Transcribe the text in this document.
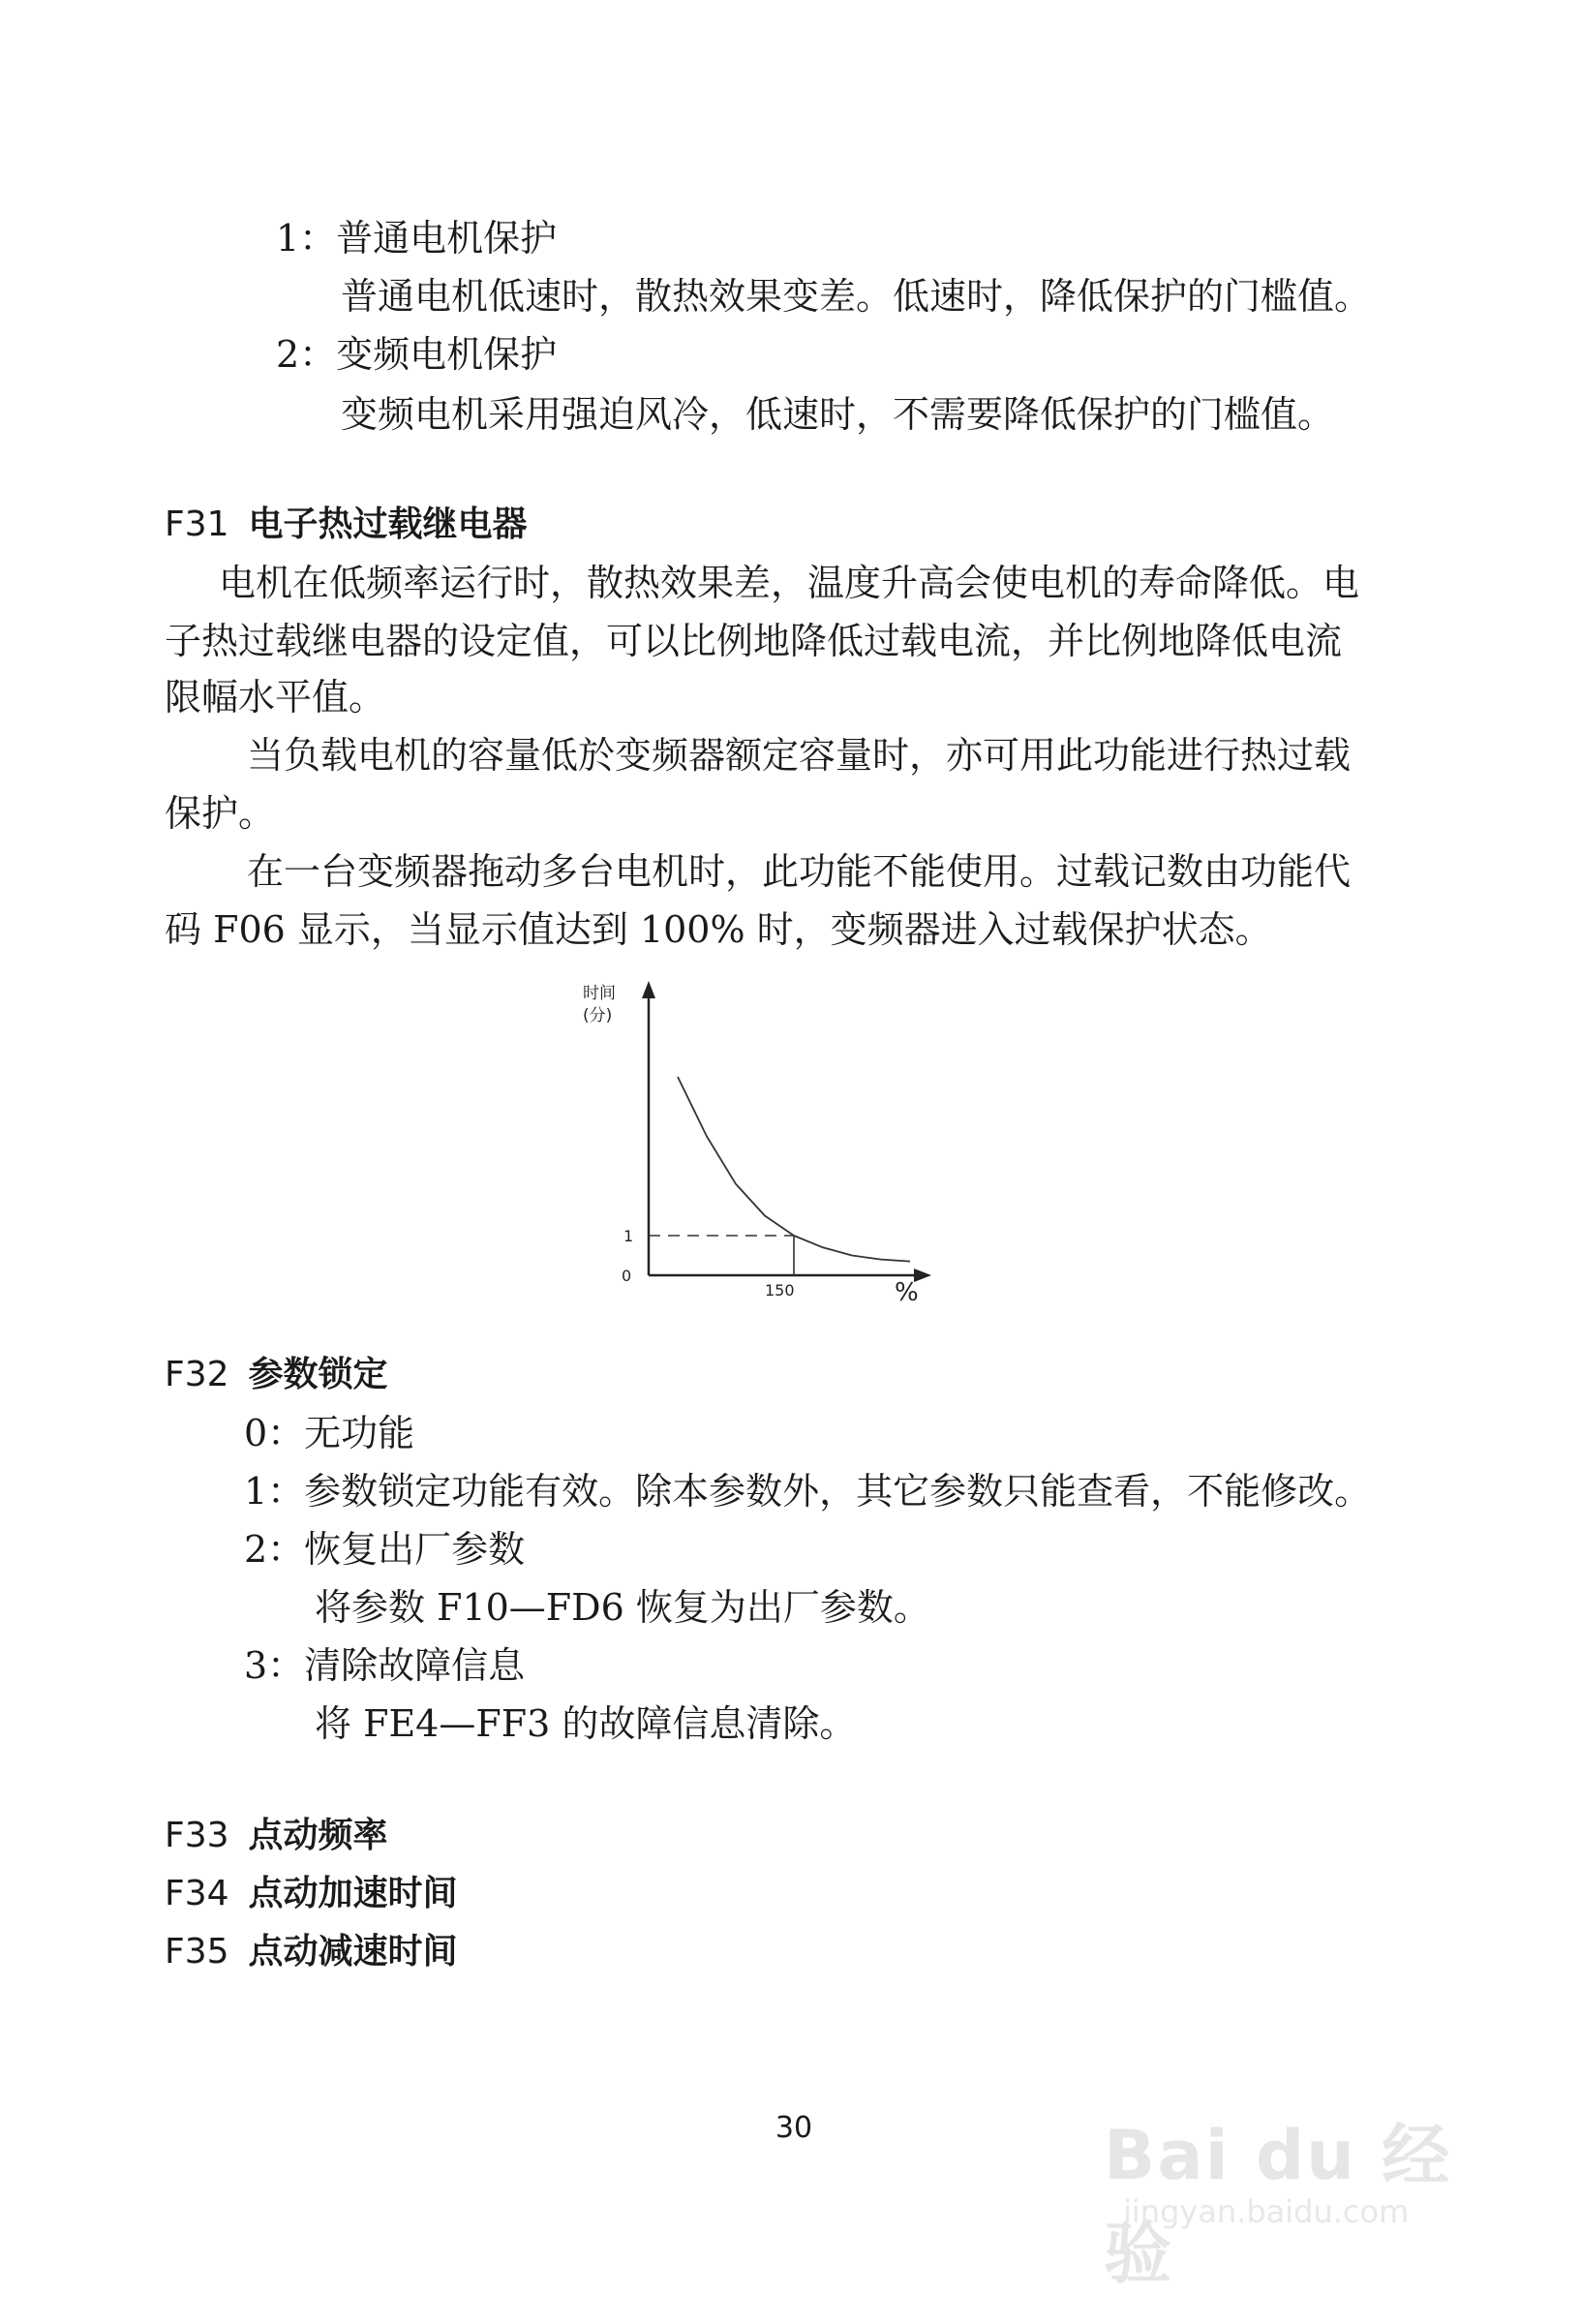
1：普通电机保护
普通电机低速时，散热效果变差。低速时，降低保护的门槛值。
2：变频电机保护
变频电机采用强迫风冷，低速时，不需要降低保护的门槛值。
F31 电子热过载继电器
电机在低频率运行时，散热效果差，温度升高会使电机的寿命降低。电
子热过载继电器的设定值，可以比例地降低过载电流，并比例地降低电流
限幅水平值。
当负载电机的容量低於变频器额定容量时，亦可用此功能进行热过载
保护。
在一台变频器拖动多台电机时，此功能不能使用。过载记数由功能代
码 F06 显示，当显示值达到 100% 时，变频器进入过载保护状态。
时间
(分)
%
0
1
150
F32 参数锁定
0：无功能
1：参数锁定功能有效。除本参数外，其它参数只能查看，不能修改。
2：恢复出厂参数
将参数 F10—FD6 恢复为出厂参数。
3：清除故障信息
将 FE4—FF3 的故障信息清除。
F33 点动频率
F34 点动加速时间
F35 点动减速时间
30	Bai du 经验
jingyan.baidu.com
